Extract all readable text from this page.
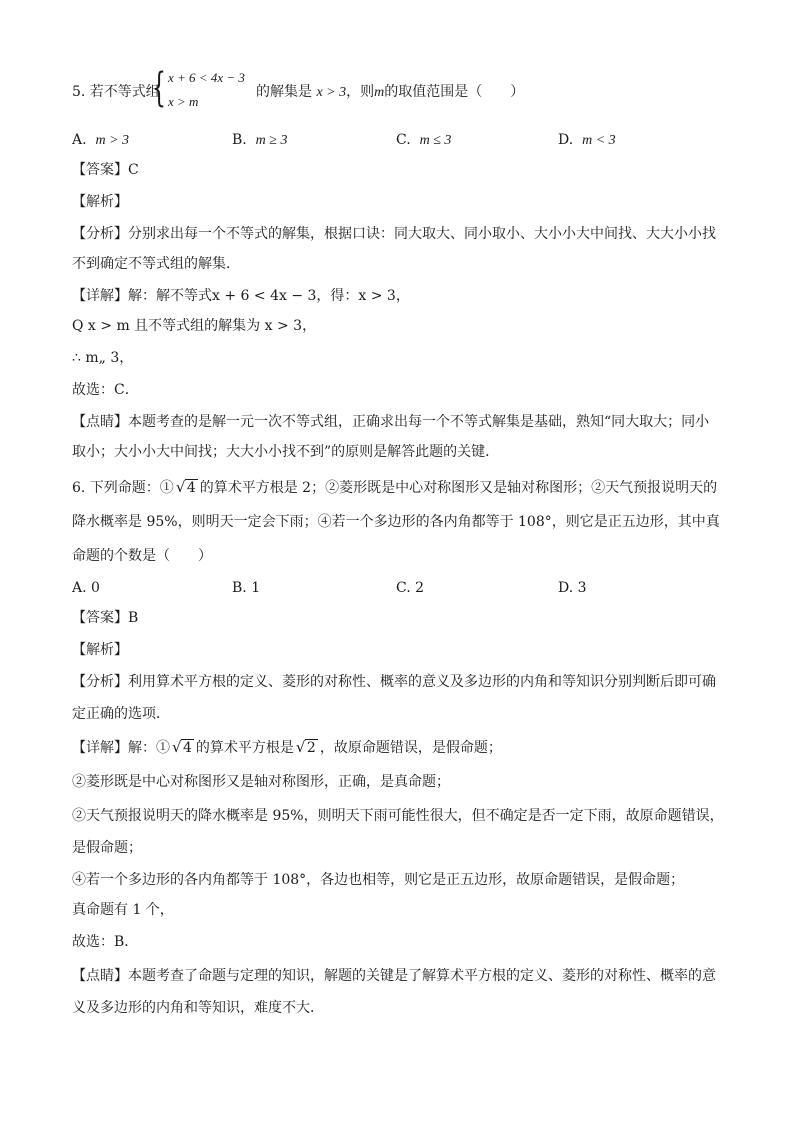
5. 若不等式组
{ x + 6 < 4x − 3
x > m
的解集是 x > 3，则m的取值范围是（　　）
A. m > 3	B. m ≥ 3	C. m ≤ 3	D. m < 3
【答案】C
【解析】
【分析】分别求出每一个不等式的解集，根据口诀：同大取大、同小取小、大小小大中间找、大大小小找
不到确定不等式组的解集．
【详解】解：解不等式x + 6 < 4x − 3，得：x > 3，
Q x > m 且不等式组的解集为 x > 3，
∴ m„ 3，
故选：C．
【点睛】本题考查的是解一元一次不等式组，正确求出每一个不等式解集是基础，熟知“同大取大；同小
取小；大小小大中间找；大大小小找不到”的原则是解答此题的关键．
6. 下列命题：① √ 4 的算术平方根是 2；②菱形既是中心对称图形又是轴对称图形；②天气预报说明天的
降水概率是 95%，则明天一定会下雨；④若一个多边形的各内角都等于 108°，则它是正五边形，其中真
命题的个数是（　　）
A. 0	B. 1	C. 2	D. 3
【答案】B
【解析】
【分析】利用算术平方根的定义、菱形的对称性、概率的意义及多边形的内角和等知识分别判断后即可确
定正确的选项．
【详解】解：① √ 4 的算术平方根是 √ 2 ，故原命题错误，是假命题；
②菱形既是中心对称图形又是轴对称图形，正确，是真命题；
②天气预报说明天的降水概率是 95%，则明天下雨可能性很大，但不确定是否一定下雨，故原命题错误，
是假命题；
④若一个多边形的各内角都等于 108°，各边也相等，则它是正五边形，故原命题错误，是假命题；
真命题有 1 个，
故选：B．
【点睛】本题考查了命题与定理的知识，解题的关键是了解算术平方根的定义、菱形的对称性、概率的意
义及多边形的内角和等知识，难度不大．
